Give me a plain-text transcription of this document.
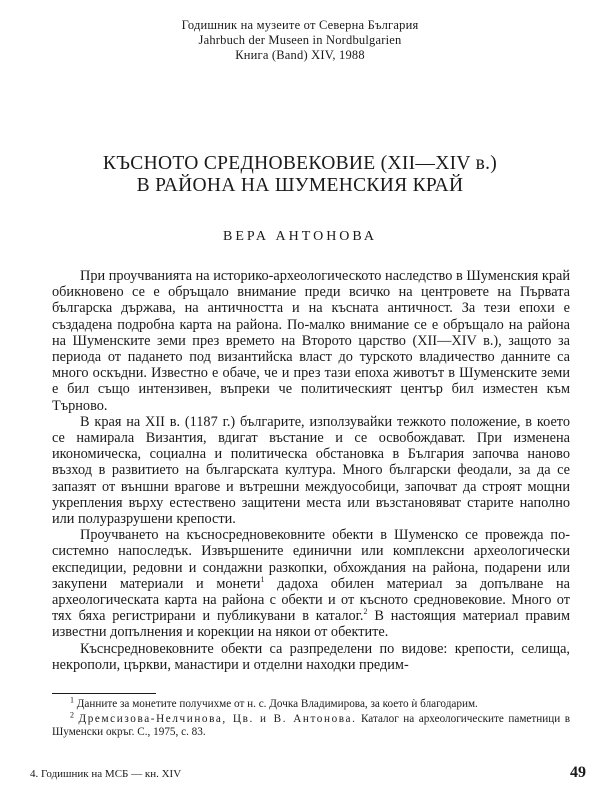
Годишник на музеите от Северна България
Jahrbuch der Museen in Nordbulgarien
Книга (Band) XIV, 1988
КЪСНОТО СРЕДНОВЕКОВИЕ (XII—XIV в.)
В РАЙОНА НА ШУМЕНСКИЯ КРАЙ
ВЕРА АНТОНОВА

При проучванията на историко-археологическото наследство в Шуменския край обикновено се е обръщало внимание преди всичко на центровете на Първата българска държава, на античността и на късната античност. За тези епохи е създадена подробна карта на района. По-малко внимание се е обръщало на района на Шуменските земи през времето на Второто царство (XII—XIV в.), защото за периода от падането под византийска власт до турското владичество данните са много оскъдни. Известно е обаче, че и през тази епоха животът в Шуменските земи е бил също интензивен, въпреки че политическият център бил изместен към Търново.

В края на XII в. (1187 г.) българите, използувайки тежкото положение, в което се намирала Византия, вдигат въстание и се освобождават. При изменена икономическа, социална и политическа обстановка в България започва наново възход в развитието на българската култура. Много български феодали, за да се запазят от външни врагове и вътрешни междуособици, започват да строят мощни укрепления върху естествено защитени места или възстановяват старите наполно или полуразрушени крепости.

Проучването на късносредновековните обекти в Шуменско се провежда по-системно напоследък. Извършените единични или комплексни археологически експедиции, редовни и сондажни разкопки, обхождания на района, подарени или закупени материали и монети$^1$ дадоха обилен материал за допълване на археологическата карта на района с обекти и от късното средновековие. Много от тях бяха регистрирани и публикувани в каталог.$^2$ В настоящия материал правим известни допълнения и корекции на някои от обектите.

Къснсредновековните обекти са разпределени по видове: крепости, селища, некрополи, църкви, манастири и отделни находки предим-

$^1$ Данните за монетите получихме от н. с. Дочка Владимирова, за което ѝ благодарим.

$^2$ Дремсизова-Нелчинова, Цв. и В. Антонова. Каталог на археологическите паметници в Шуменски окръг. С., 1975, с. 83.

4. Годишник на МСБ — кн. XIV	49
